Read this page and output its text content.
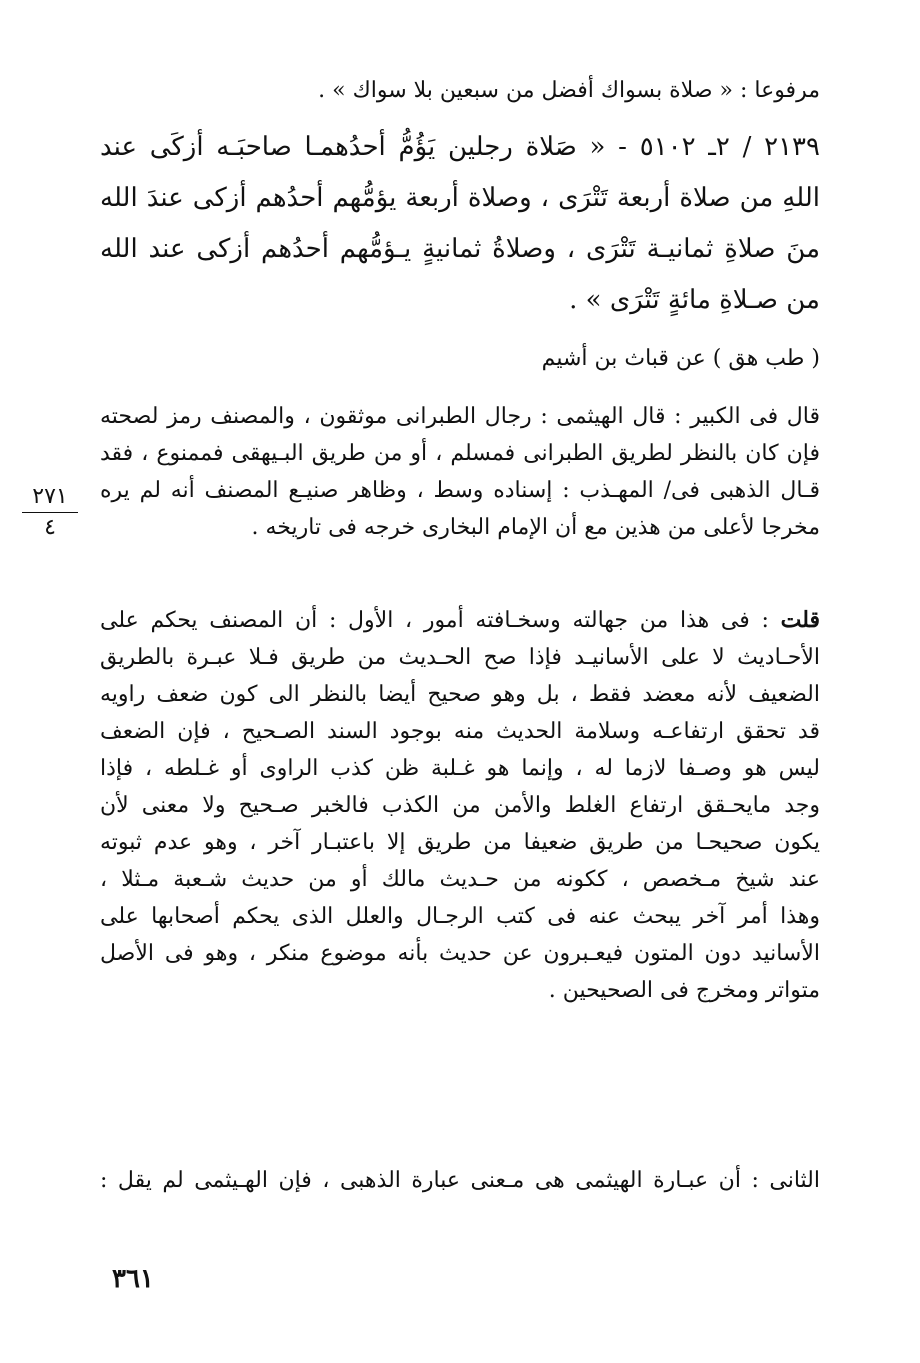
مرفوعا : « صلاة بسواك أفضل من سبعين بلا سواك » .
٢١٣٩ / ٢ـ ٥١٠٢ - « صَلاة رجلين يَؤُمُّ أحدُهمـا صاحبَـه أزكَى عند
اللهِ من صلاة أربعة تَتْرَى ، وصلاة أربعة يؤمُّهم أحدُهم أزكى عندَ الله
منَ صلاةِ ثمانيـة تَتْرَى ، وصلاةُ ثمانيةٍ يـؤمُّهم أحدُهم أزكى عند الله
من صـلاةِ مائةٍ تَتْرَى » .
( طب هق ) عن قباث بن أشيم
قال فى الكبير : قال الهيثمى : رجال الطبرانى موثقون ، والمصنف رمز لصحته
فإن كان بالنظر لطريق الطبرانى فمسلم ، أو من طريق البـيهقى فممنوع ، فقد
قـال الذهبى فى/ المهـذب : إسناده وسط ، وظاهر صنيـع المصنف أنه لم يره
مخرجا لأعلى من هذين مع أن الإمام البخارى خرجه فى تاريخه .
قلت : فى هذا من جهالته وسخـافته أمور ، الأول : أن المصنف يحكم على
الأحـاديث لا على الأسانيـد فإذا صح الحـديث من طريق فـلا عبـرة بالطريق
الضعيف لأنه معضد فقط ، بل وهو صحيح أيضا بالنظر الى كون ضعف راويه
قد تحقق ارتفاعـه وسلامة الحديث منه بوجود السند الصـحيح ، فإن الضعف
ليس هو وصـفا لازما له ، وإنما هو غـلبة ظن كذب الراوى أو غـلطه ، فإذا
وجد مايحـقق ارتفاع الغلط والأمن من الكذب فالخبر صـحيح ولا معنى لأن
يكون صحيحـا من طريق ضعيفا من طريق إلا باعتبـار آخر ، وهو عدم ثبوته
عند شيخ مـخصص ، ككونه من حـديث مالك أو من حديث شـعبة مـثلا ،
وهذا أمر آخر يبحث عنه فى كتب الرجـال والعلل الذى يحكم أصحابها على
الأسانيد دون المتون فيعـبرون عن حديث بأنه موضوع منكر ، وهو فى الأصل
متواتر ومخرج فى الصحيحين .
الثانى : أن عبـارة الهيثمى هى مـعنى عبارة الذهبى ، فإن الهـيثمى لم يقل :
٢٧١
٤
٣٦١
